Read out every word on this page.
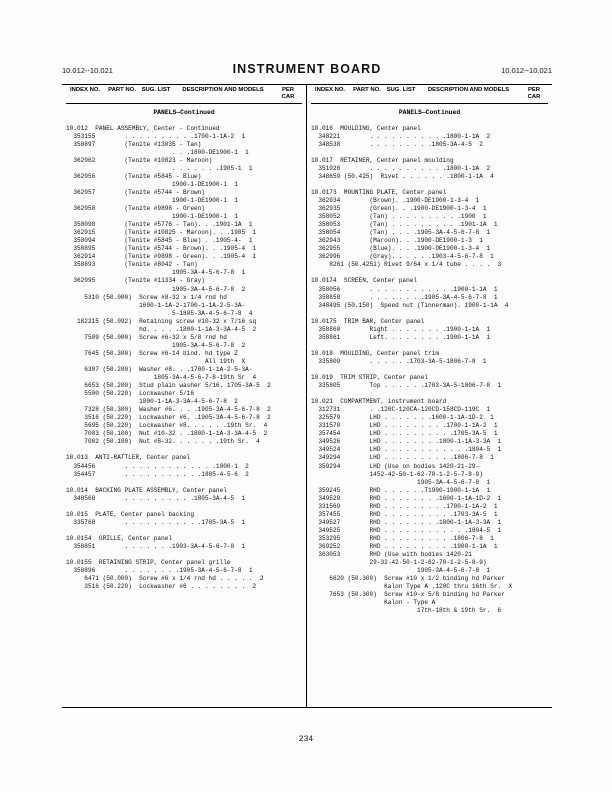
10.012--10.021	INSTRUMENT BOARD	10.012--10.021
INDEX NO.	PART NO. SUG. LIST	DESCRIPTION AND MODELS	PER CAR
PANELS—Continued
10.012  PANEL ASSEMBLY, Center - Continued
353155        . . . . . . . . . .1700-1-1A-2  1
358897        (Tenite #13035 - Tan)
. . .1800-DE1900-1  1
362962        (Tenite #10823 - Maroon)
. . . . . . .1905-1  1
362956        (Tenite #5845 - Blue)
1900-1-DE1900-1  1
362957        (Tenite #5744 - Brown)
1900-1-DE1900-1  1
362958        (Tenite #9898 - Green)
1900-1-DE1900-1  1
358098        (Tenite #5776 - Tan). . .1901-1A  1
362915        (Tenite #10825 - Maroon). . .1905  1
358094        (Tenite #5845 - Blue) . .1905-4-  1
358895        (Tenite #5744 - Brown). . .1905-4  1
362914        (Tenite #9898 - Green). . .1905-4  1
358893        (Tenite #8042 - Tan)
1905-3A-4-5-6-7-8  1
362995        (Tenite #11334 - Gray)
1905-3A-4-5-6-7-8  2
5310 (50.000)  Screw #8-32 x 1/4 rnd hd
1600-1-1A-2-1700-1-1A-2-5-3A-
5-1805-3A-4-5-6-7-8  4
182215 (50.092)  Retaining screw #10-32 x 7/16 sq
hd. . . . .1800-1-1A-3-3A-4-5  2
7509 (50.000)  Screw #6-32 x 5/8 rnd hd
1905-3A-4-5-6-7-8  2
7645 (50.300)  Screw #6-14 bind. hd type Z
All 19th  X
6307 (50.200)  Washer #8. . .1700-1-1A-2-5-3A-
1805-3A-4-5-6-7-8-19th Sr  4
6653 (50.200)  Stud plain washer 5/16. 1705-3A-5  2
5500 (50.220)  Lockwasher 5/16
1800-1-1A-3-3A-4-5-6-7-8  2
7328 (50.300)  Washer #6. . . .1905-3A-4-5-6-7-8  2
3516 (50.220)  Lockwasher #6. .1905-3A-4-5-6-7-8  2
5695 (50.220)  Lockwasher #8. . . . . .19th Sr.  4
7003 (50.100)  Nut #10-32 . .1800-1-1A-3-3A-4-5  2
7002 (50.100)  Nut #8-32. . . . . . .19th Sr.  4

10.013  ANTI-RATTLER, Center panel
354456        . . . . . . . . . . . . .1800-1  2
354457        . . . . . . . . . . .1805-4-5-6  2

10.014  BACKING PLATE ASSEMBLY, Center panel
348560        . . . . . . . . . .1805-3A-4-5  1

10.015  PLATE, Center panel backing
335768        . . . . . . . . . . .1705-3A-5  1

10.0154  GRILLE, Center panel
358851        . . . . . . .1903-3A-4-5-6-7-8  1

10.0155  RETAINING STRIP, Center panel grille
358896        . . . . . . . .1905-3A-4-5-6-7-8  1
6471 (50.000)  Screw #6 x 1/4 rnd hd . . . . .  2
3516 (50.220)  Lockwasher #6 . . . . . . . .  2
INDEX NO.	PART NO. SUG. LIST	DESCRIPTION AND MODELS	PER CAR
PANELS—Continued
10.016  MOULDING, Center panel
348221        . . . . . . . . . . .1800-1-1A  2
348538        . . . . . . . . .1805-3A-4-5  2

10.017  RETAINER, Center panel moulding
351026        . . . . . . . . . . .1800-1-1A  2
348659 (50.425)  Rivet . . . . . . .1800-1-1A  4

10.0173  MOUNTING PLATE, Center panel
362934        (Brown). .1900-DE1900-1-3-4  1
362935        (Green). . .1900-DE1900-1-3-4  1
358052        (Tan) . . . . . . . . . .1900  1
358053        (Tan) . . . . . . . . . .1901-1A  1
358054        (Tan) . . . .1905-3A-4-5-6-7-8  1
362943        (Maroon). . .1900-DE1900-1-3  1
362955        (Blue). . . .1900-DE1900-1-3-4  1
362996        (Gray). . . . . .1903-4-5-6-7-8  1
8261 (50.4251) Rivet 9/64 x 1/4 tube . . . .  3

10.0174  SCREEN, Center panel
358056        . . . . . . . . . . . .1900-1-1A  1
358858        . . . . . . . .1905-3A-4-5-6-7-8  1
348495 (50.150)  Speed nut (Tinnerman). 1900-1-1A  4

10.0175  TRIM BAR, Center panel
358860        Right . . . . . . . .1900-1-1A  1
358861        Left. . . . . . . . .1900-1-1A  1

10.018  MOULDING, Center panel trim
335809        . . . . . .1703-3A-5-1806-7-8  1

10.019  TRIM STRIP, Center panel
335805        Top . . . . . .1703-3A-5-1806-7-8  1

10.021  COMPARTMENT, instrument board
312731        . .120C-120CA-120CD-158CD-119C  1
325579        LHD . . . . . . .1600-1-1A-1D-2  1
331570        LHD . . . . . . . . .1700-1-1A-2  1
357454        LHD . . . . . . . . . .1705-3A-5  1
349526        LHD . . . . . . . .1800-1-1A-3-3A  1
349524        LHD . . . . . . . . . . . .1804-5  1
349294        LHD . . . . . . . . . .1806-7-8  1
359294        LHD (Use on bodies 1420-21-29-
1452-42-50-1-62-70-1-2-5-7-8-9)
1905-3A-4-5-6-7-8  1
359245        RHD . . . . . .T1900-1900-1-1A  1
349529        RHD . . . . . . . .1600-1-1A-1D-2  1
331569        RHD . . . . . . . . .1700-1-1A-2  1
357455        RHD . . . . . . . . . .1703-3A-5  1
349527        RHD . . . . . . . .1800-1-1A-3-3A  1
349525        RHD . . . . . . . . . . . .1804-5  1
353295        RHD . . . . . . . . . .1806-7-8  1
369252        RHD . . . . . . . . . .1900-1-1A  1
363053        RHD (Use with bodies 1420-21
29-32-42-50-1-2-62-70-1-2-5-8-9)
1905-3A-4-5-6-7-8  1
6620 (50.300)  Screw #10 x 1/2 binding hd Parker
Kalon Type A .120C thru 16th Sr.  X
7653 (50.300)  Screw #10-x 5/8 binding hd Parker
Kalon - Type A
17th-18th & 19th Sr.  6
234
